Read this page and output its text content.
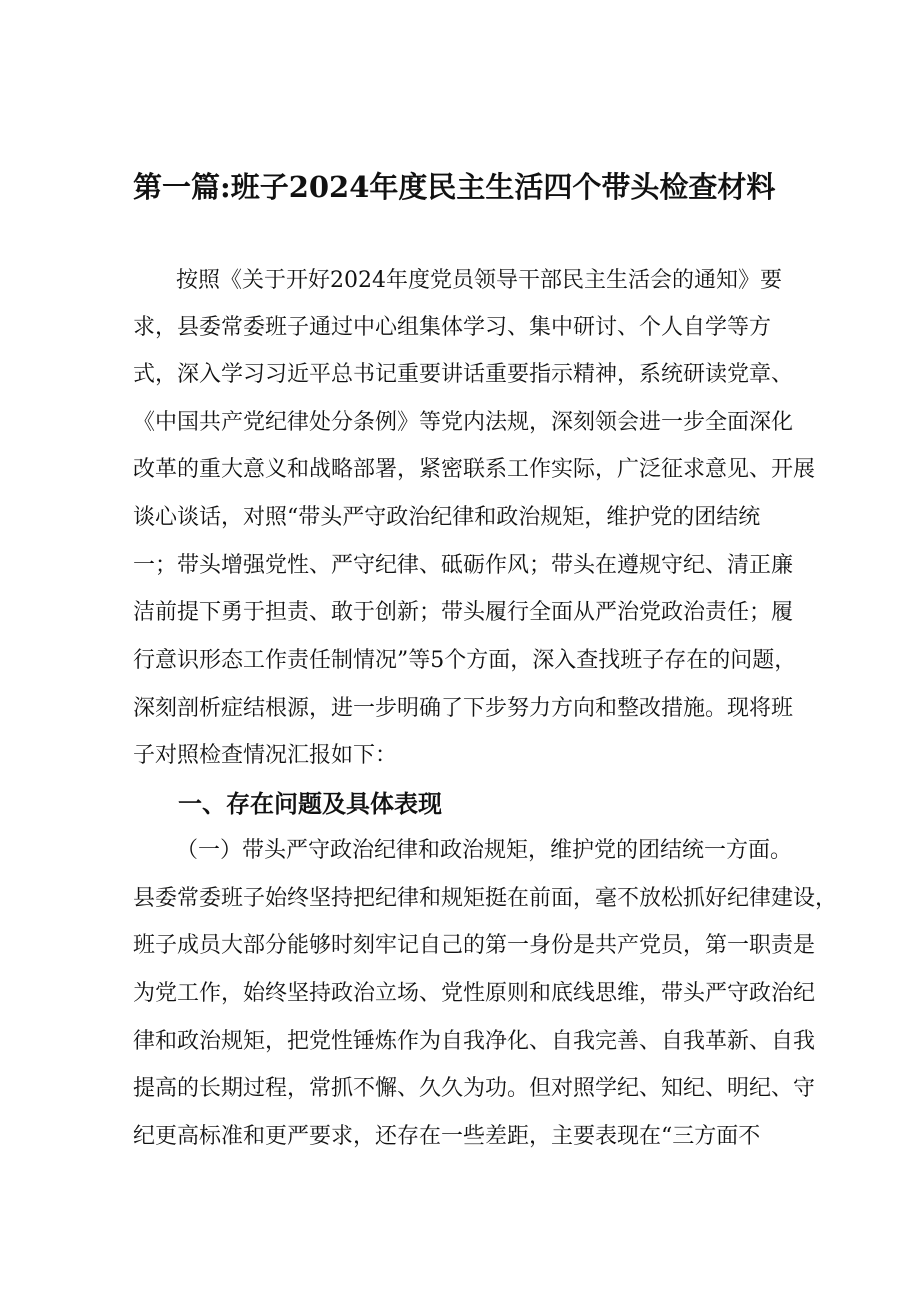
第一篇:班子2024年度民主生活四个带头检查材料

按照《关于开好2024年度党员领导干部民主生活会的通知》要

求，县委常委班子通过中心组集体学习、集中研讨、个人自学等方

式，深入学习习近平总书记重要讲话重要指示精神，系统研读党章、

《中国共产党纪律处分条例》等党内法规，深刻领会进一步全面深化

改革的重大意义和战略部署，紧密联系工作实际，广泛征求意见、开展

谈心谈话，对照“带头严守政治纪律和政治规矩，维护党的团结统

一；带头增强党性、严守纪律、砥砺作风；带头在遵规守纪、清正廉

洁前提下勇于担责、敢于创新；带头履行全面从严治党政治责任；履

行意识形态工作责任制情况”等5个方面，深入查找班子存在的问题，

深刻剖析症结根源，进一步明确了下步努力方向和整改措施。现将班

子对照检查情况汇报如下：

一、存在问题及具体表现

（一）带头严守政治纪律和政治规矩，维护党的团结统一方面。

县委常委班子始终坚持把纪律和规矩挺在前面，毫不放松抓好纪律建设，

班子成员大部分能够时刻牢记自己的第一身份是共产党员，第一职责是

为党工作，始终坚持政治立场、党性原则和底线思维，带头严守政治纪

律和政治规矩，把党性锤炼作为自我净化、自我完善、自我革新、自我

提高的长期过程，常抓不懈、久久为功。但对照学纪、知纪、明纪、守

纪更高标准和更严要求，还存在一些差距，主要表现在“三方面不
